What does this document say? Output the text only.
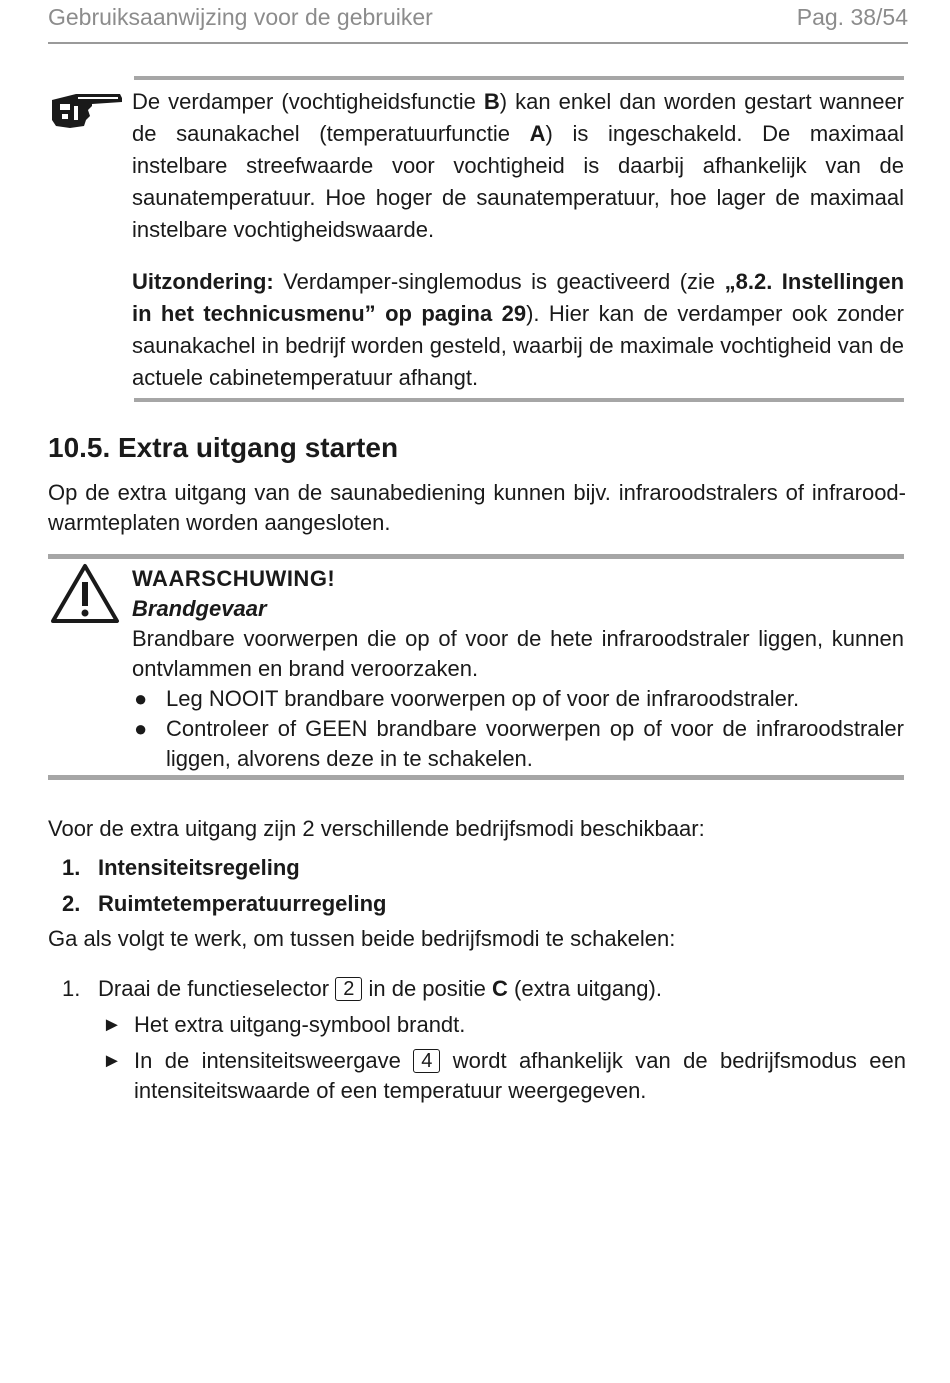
Gebruiksaanwijzing voor de gebruiker	Pag. 38/54

De verdamper (vochtigheidsfunctie B) kan enkel dan worden gestart wanneer de saunakachel (temperatuurfunctie A) is ingeschakeld. De maximaal instelbare streefwaarde voor vochtigheid is daarbij afhankelijk van de saunatemperatuur. Hoe hoger de saunatemperatuur, hoe lager de maximaal instelbare vochtigheidswaarde.

Uitzondering: Verdamper-singlemodus is geactiveerd (zie „8.2. Instellingen in het technicusmenu” op pagina 29). Hier kan de verdamper ook zonder saunakachel in bedrijf worden gesteld, waarbij de maximale vochtigheid van de actuele cabinetemperatuur afhangt.

10.5. Extra uitgang starten

Op de extra uitgang van de saunabediening kunnen bijv. infraroodstralers of infrarood-warmteplaten worden aangesloten.

WAARSCHUWING!
Brandgevaar
Brandbare voorwerpen die op of voor de hete infraroodstraler liggen, kunnen ontvlammen en brand veroorzaken.
● Leg NOOIT brandbare voorwerpen op of voor de infraroodstraler.
● Controleer of GEEN brandbare voorwerpen op of voor de infraroodstraler liggen, alvorens deze in te schakelen.

Voor de extra uitgang zijn 2 verschillende bedrijfsmodi beschikbaar:

1. Intensiteitsregeling
2. Ruimtetemperatuurregeling

Ga als volgt te werk, om tussen beide bedrijfsmodi te schakelen:

1. Draai de functieselector 2 in de positie C (extra uitgang).
► Het extra uitgang-symbool brandt.
► In de intensiteitsweergave 4 wordt afhankelijk van de bedrijfsmodus een intensiteitswaarde of een temperatuur weergegeven.
